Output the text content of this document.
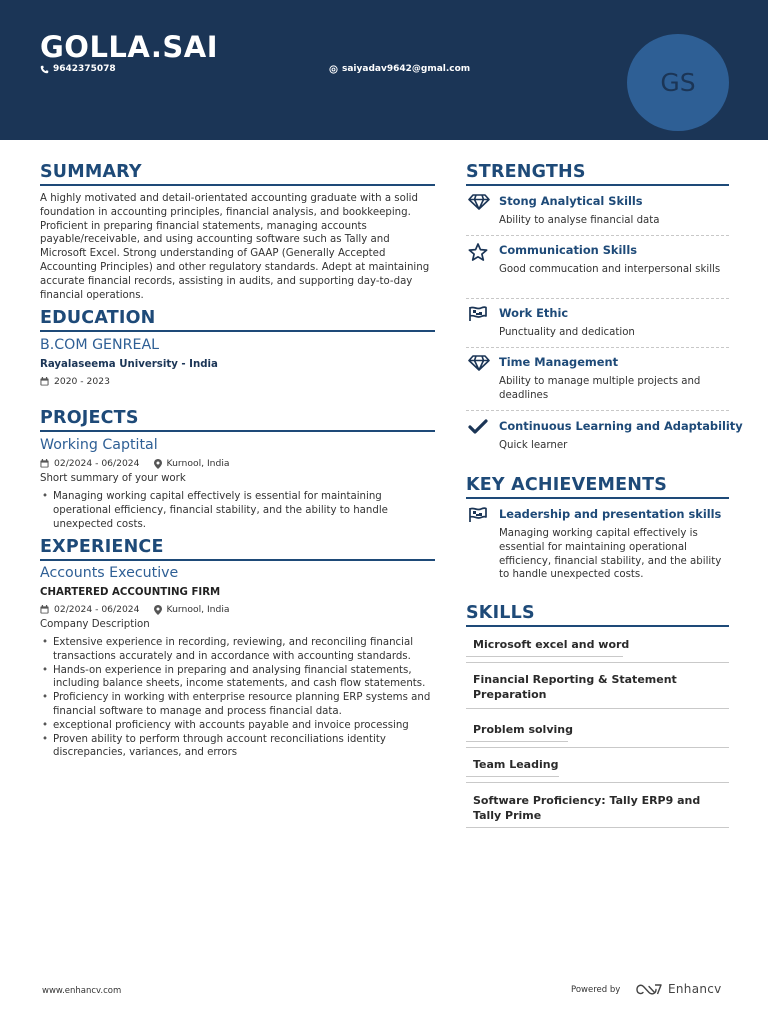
GOLLA.SAI
9642375078	saiyadav9642@gmal.com	GS
SUMMARY
A highly motivated and detail-orientated accounting graduate with a solid foundation in accounting principles, financial analysis, and bookkeeping. Proficient in preparing financial statements, managing accounts payable/receivable, and using accounting software such as Tally and Microsoft Excel. Strong understanding of GAAP (Generally Accepted Accounting Principles) and other regulatory standards. Adept at maintaining accurate financial records, assisting in audits, and supporting day-to-day financial operations.
EDUCATION
B.COM GENREAL
Rayalaseema University - India
2020 - 2023
PROJECTS
Working Captital
02/2024 - 06/2024	Kurnool, India
Short summary of your work
• Managing working capital effectively is essential for maintaining operational efficiency, financial stability, and the ability to handle unexpected costs.
EXPERIENCE
Accounts Executive
CHARTERED ACCOUNTING FIRM
02/2024 - 06/2024	Kurnool, India
Company Description
• Extensive experience in recording, reviewing, and reconciling financial transactions accurately and in accordance with accounting standards.
• Hands-on experience in preparing and analysing financial statements, including balance sheets, income statements, and cash flow statements.
• Proficiency in working with enterprise resource planning ERP systems and financial software to manage and process financial data.
• exceptional proficiency with accounts payable and invoice processing
• Proven ability to perform through account reconciliations identity discrepancies, variances, and errors
STRENGTHS
Stong Analytical Skills
Ability to analyse financial data
Communication Skills
Good commucation and interpersonal skills
Work Ethic
Punctuality and dedication
Time Management
Ability to manage multiple projects and deadlines
Continuous Learning and Adaptability
Quick learner
KEY ACHIEVEMENTS
Leadership and presentation skills
Managing working capital effectively is essential for maintaining operational efficiency, financial stability, and the ability to handle unexpected costs.
SKILLS
Microsoft excel and word
Financial Reporting & Statement Preparation
Problem solving
Team Leading
Software Proficiency: Tally ERP9 and Tally Prime
www.enhancv.com	Powered by	Enhancv
